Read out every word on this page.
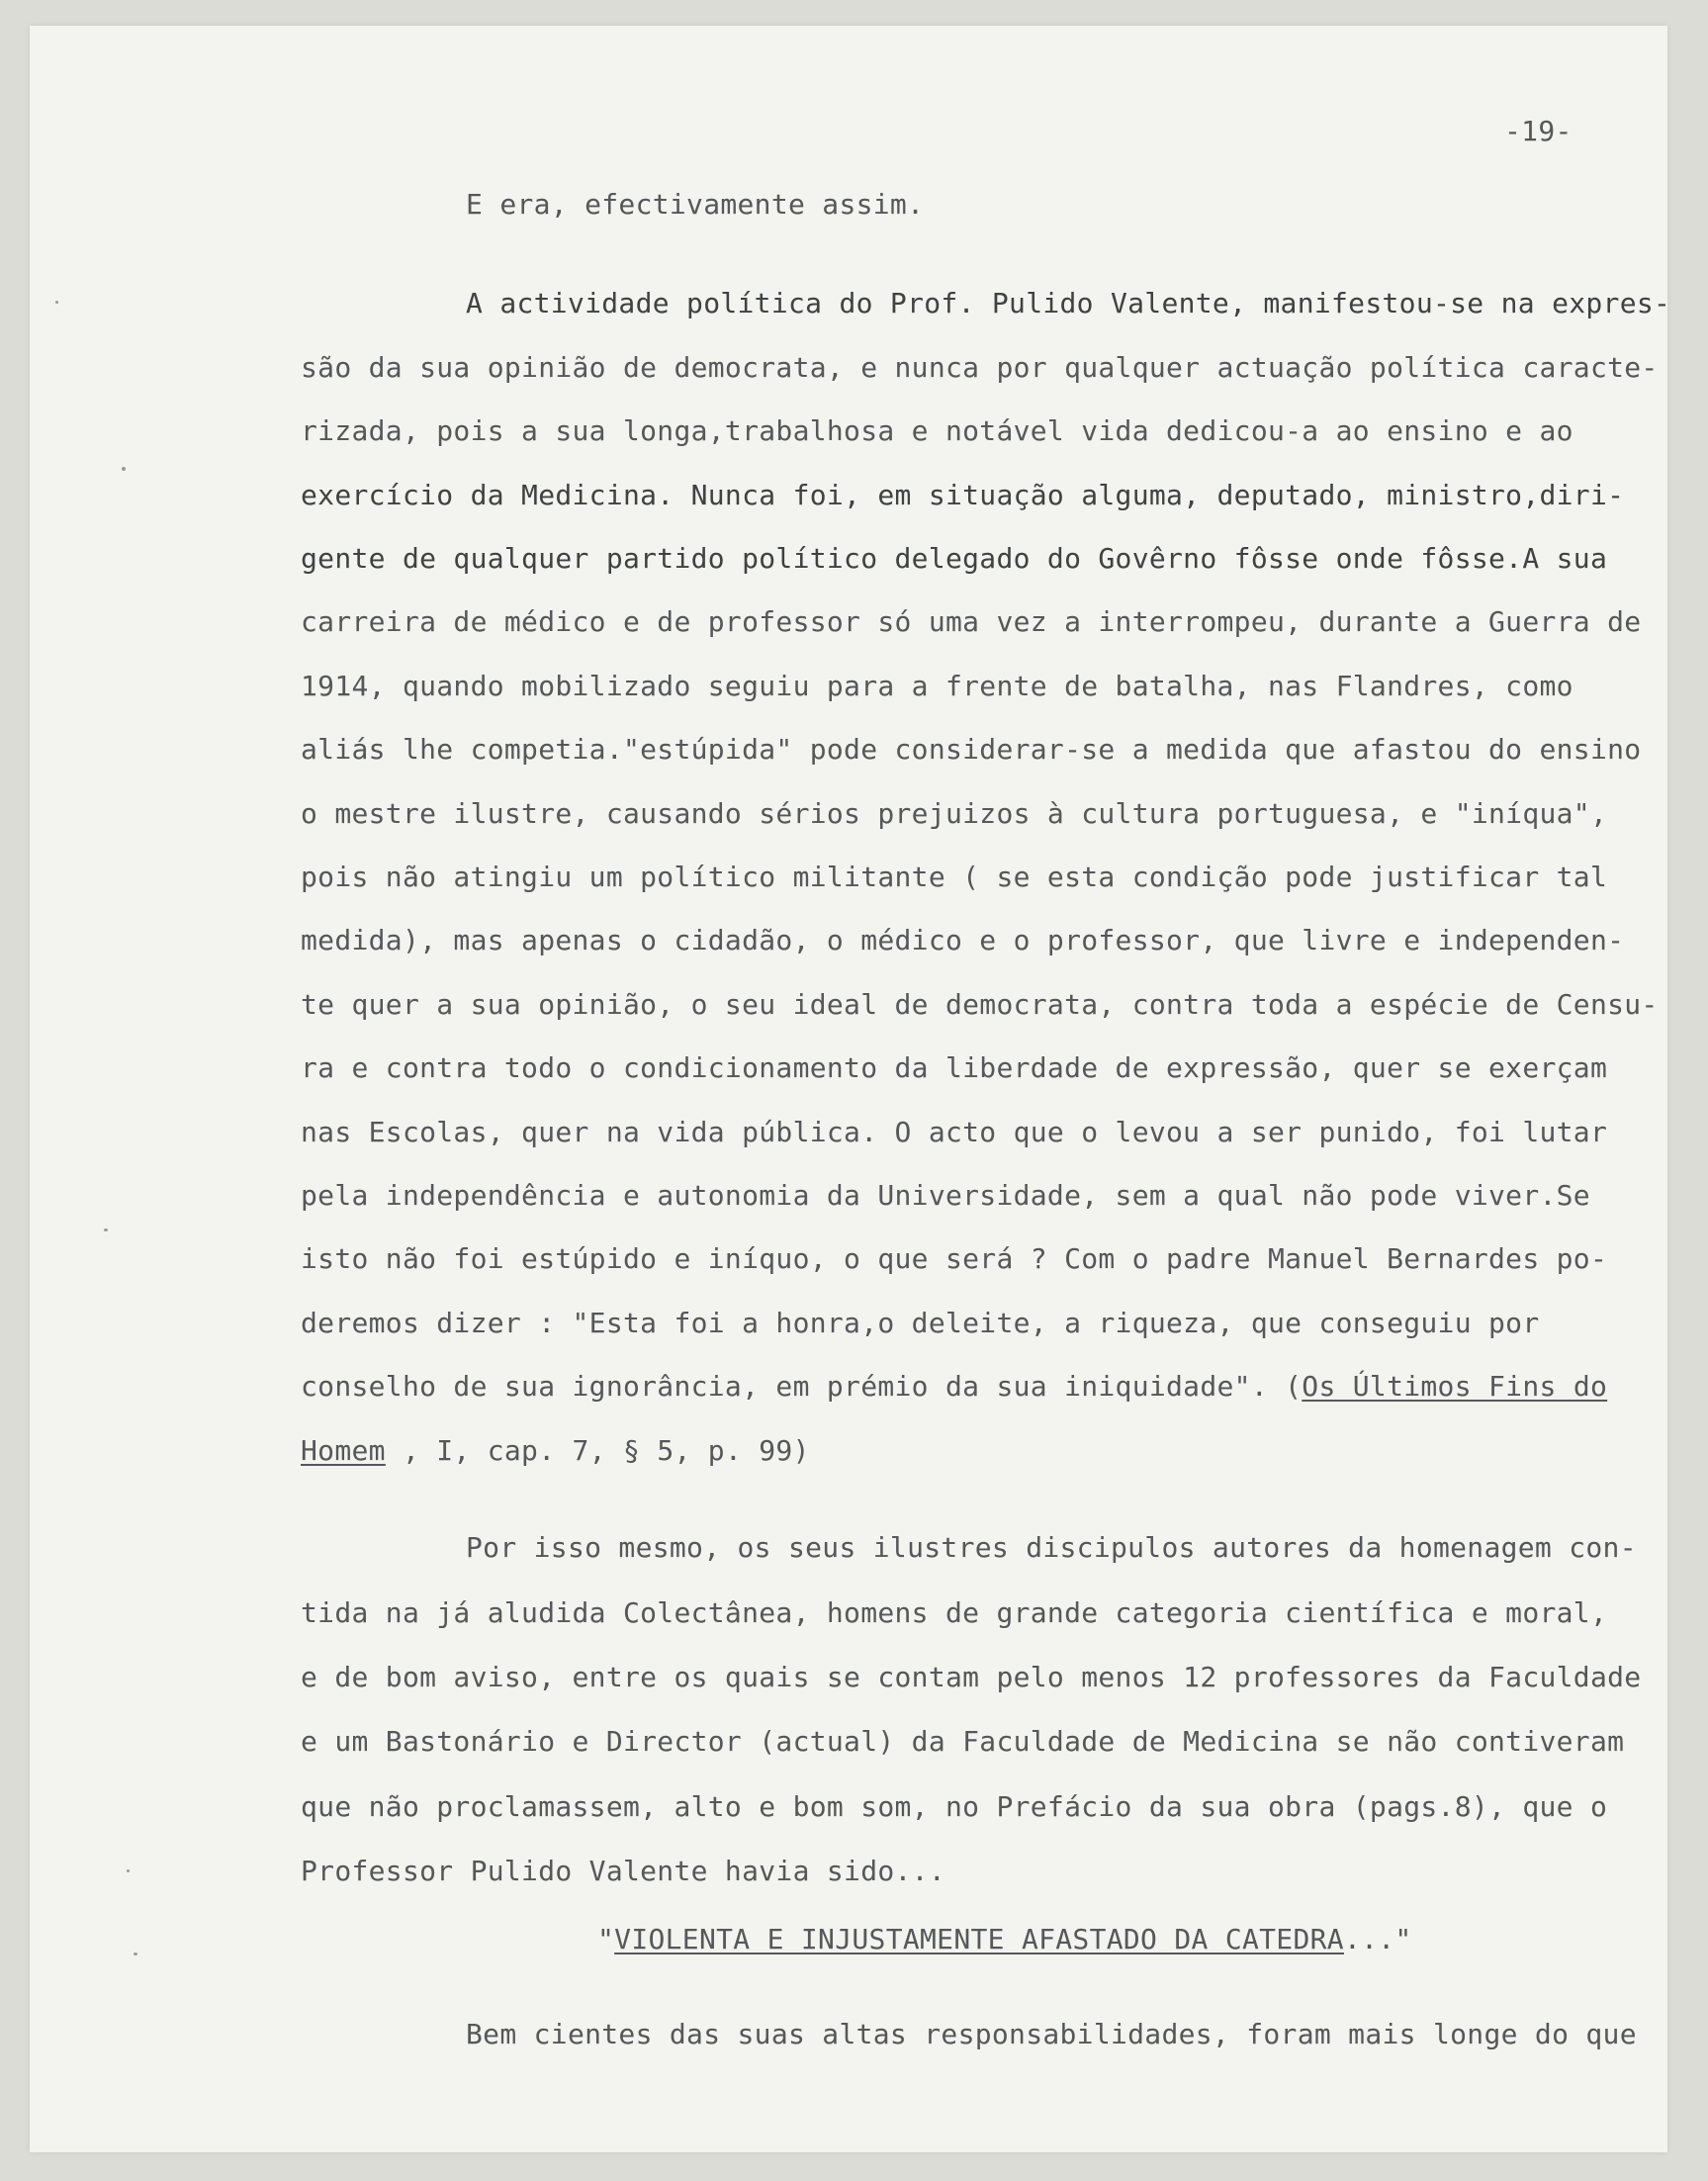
-19-
E era, efectivamente assim.
A actividade política do Prof. Pulido Valente, manifestou-se na expres-
são da sua opinião de democrata, e nunca por qualquer actuação política caracte-
rizada, pois a sua longa,trabalhosa e notável vida dedicou-a ao ensino e ao
exercício da Medicina. Nunca foi, em situação alguma, deputado, ministro,diri-
gente de qualquer partido político delegado do Govêrno fôsse onde fôsse.A sua
carreira de médico e de professor só uma vez a interrompeu, durante a Guerra de
1914, quando mobilizado seguiu para a frente de batalha, nas Flandres, como
aliás lhe competia."estúpida" pode considerar-se a medida que afastou do ensino
o mestre ilustre, causando sérios prejuizos à cultura portuguesa, e "iníqua",
pois não atingiu um político militante ( se esta condição pode justificar tal
medida), mas apenas o cidadão, o médico e o professor, que livre e independen-
te quer a sua opinião, o seu ideal de democrata, contra toda a espécie de Censu-
ra e contra todo o condicionamento da liberdade de expressão, quer se exerçam
nas Escolas, quer na vida pública. O acto que o levou a ser punido, foi lutar
pela independência e autonomia da Universidade, sem a qual não pode viver.Se
isto não foi estúpido e iníquo, o que será ? Com o padre Manuel Bernardes po-
deremos dizer : "Esta foi a honra,o deleite, a riqueza, que conseguiu por
conselho de sua ignorância, em prémio da sua iniquidade". (Os Últimos Fins do
Homem , I, cap. 7, § 5, p. 99)
Por isso mesmo, os seus ilustres discipulos autores da homenagem con-
tida na já aludida Colectânea, homens de grande categoria científica e moral,
e de bom aviso, entre os quais se contam pelo menos 12 professores da Faculdade
e um Bastonário e Director (actual) da Faculdade de Medicina se não contiveram
que não proclamassem, alto e bom som, no Prefácio da sua obra (pags.8), que o
Professor Pulido Valente havia sido...
"VIOLENTA E INJUSTAMENTE AFASTADO DA CATEDRA..."
Bem cientes das suas altas responsabilidades, foram mais longe do que
